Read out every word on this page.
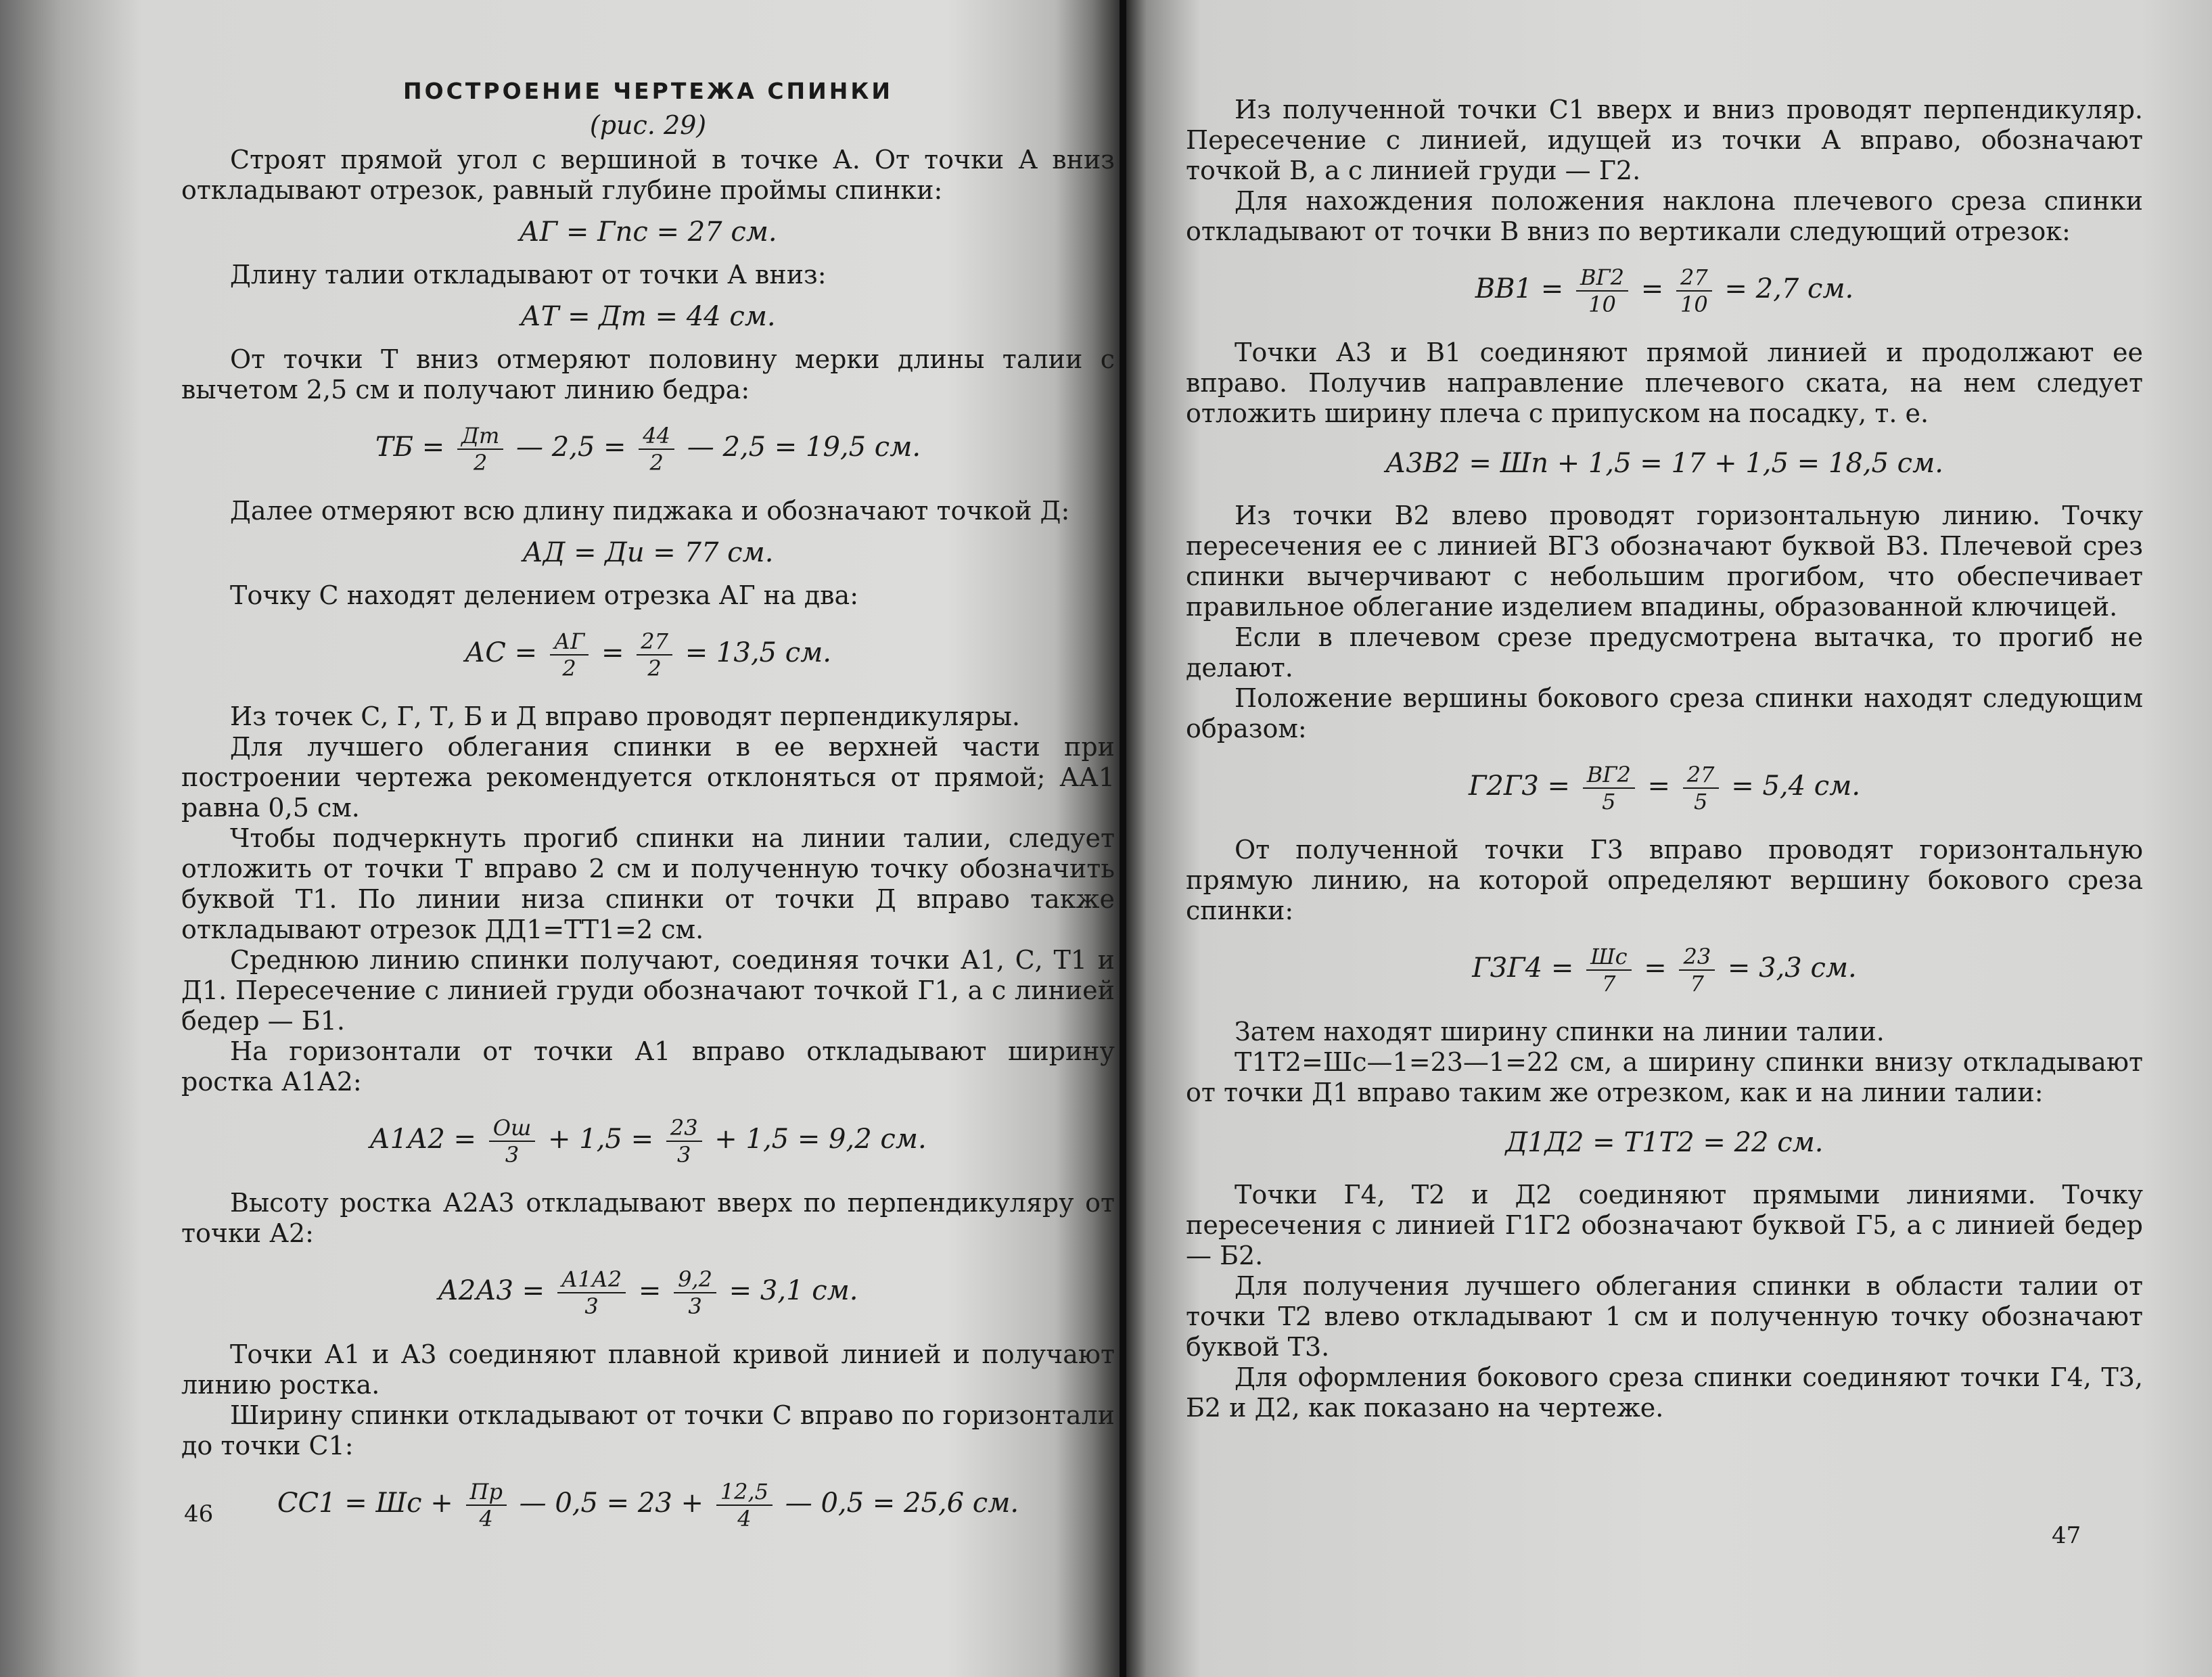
ПОСТРОЕНИЕ ЧЕРТЕЖА СПИНКИ
(рис. 29)

Строят прямой угол с вершиной в точке А. От точки А вниз откладывают отрезок, равный глубине проймы спинки:

АГ = Гпс = 27 см.

Длину талии откладывают от точки А вниз:

АТ = Дт = 44 см.

От точки Т вниз отмеряют половину мерки длины талии с вычетом 2,5 см и получают линию бедра:

ТБ = $\frac{Дт}{2}$ — $2,5 = \frac{44}{2}$ — 2,5 = 19,5 см.

Далее отмеряют всю длину пиджака и обозначают точкой Д:

АД = Ди = 77 см.

Точку С находят делением отрезка АГ на два:

АС = $\frac{АГ}{2} = \frac{27}{2} = 13,5$ см.

Из точек С, Г, Т, Б и Д вправо проводят перпендикуляры.

Для лучшего облегания спинки в ее верхней части при построении чертежа рекомендуется отклоняться от прямой; АА1 равна 0,5 см.

Чтобы подчеркнуть прогиб спинки на линии талии, следует отложить от точки Т вправо 2 см и полученную точку обозначить буквой Т1. По линии низа спинки от точки Д вправо также откладывают отрезок ДД1=ТТ1=2 см.

Среднюю линию спинки получают, соединяя точки А1, С, Т1 и Д1. Пересечение с линией груди обозначают точкой Г1, а с линией бедер — Б1.

На горизонтали от точки А1 вправо откладывают ширину ростка А1А2:

$А1А2 = \frac{Ош}{3} + 1,5 = \frac{23}{3} + 1,5 = 9,2$ см.

Высоту ростка А2А3 откладывают вверх по перпендикуляру от точки А2:

$А2А3 = \frac{А1А2}{3} = \frac{9,2}{3} = 3,1$ см.

Точки А1 и А3 соединяют плавной кривой линией и получают линию ростка.

Ширину спинки откладывают от точки С вправо по горизонтали до точки С1:

СС1 = Шс + $\frac{Пр}{4}$ — $0,5 = 23 + \frac{12,5}{4}$ — 0,5 = 25,6 см.
46

Из полученной точки С1 вверх и вниз проводят перпендикуляр. Пересечение с линией, идущей из точки А вправо, обозначают точкой В, а с линией груди — Г2.

Для нахождения положения наклона плечевого среза спинки откладывают от точки В вниз по вертикали следующий отрезок:

$ВВ1 = \frac{ВГ2}{10} = \frac{27}{10} = 2,7$ см.

Точки А3 и В1 соединяют прямой линией и продолжают ее вправо. Получив направление плечевого ската, на нем следует отложить ширину плеча с припуском на посадку, т. е.

А3В2 = Шп + 1,5 = 17 + 1,5 = 18,5 см.

Из точки В2 влево проводят горизонтальную линию. Точку пересечения ее с линией ВГ3 обозначают буквой В3. Плечевой срез спинки вычерчивают с небольшим прогибом, что обеспечивает правильное облегание изделием впадины, образованной ключицей.

Если в плечевом срезе предусмотрена вытачка, то прогиб не делают.

Положение вершины бокового среза спинки находят следующим образом:

$Г2Г3 = \frac{ВГ2}{5} = \frac{27}{5} = 5,4$ см.

От полученной точки Г3 вправо проводят горизонтальную прямую линию, на которой определяют вершину бокового среза спинки:

$Г3Г4 = \frac{Шс}{7} = \frac{23}{7} = 3,3$ см.

Затем находят ширину спинки на линии талии.

Т1Т2=Шс—1=23—1=22 см, а ширину спинки внизу откладывают от точки Д1 вправо таким же отрезком, как и на линии талии:

Д1Д2 = Т1Т2 = 22 см.

Точки Г4, Т2 и Д2 соединяют прямыми линиями. Точку пересечения с линией Г1Г2 обозначают буквой Г5, а с линией бедер — Б2.

Для получения лучшего облегания спинки в области талии от точки Т2 влево откладывают 1 см и полученную точку обозначают буквой Т3.

Для оформления бокового среза спинки соединяют точки Г4, Т3, Б2 и Д2, как показано на чертеже.

47
